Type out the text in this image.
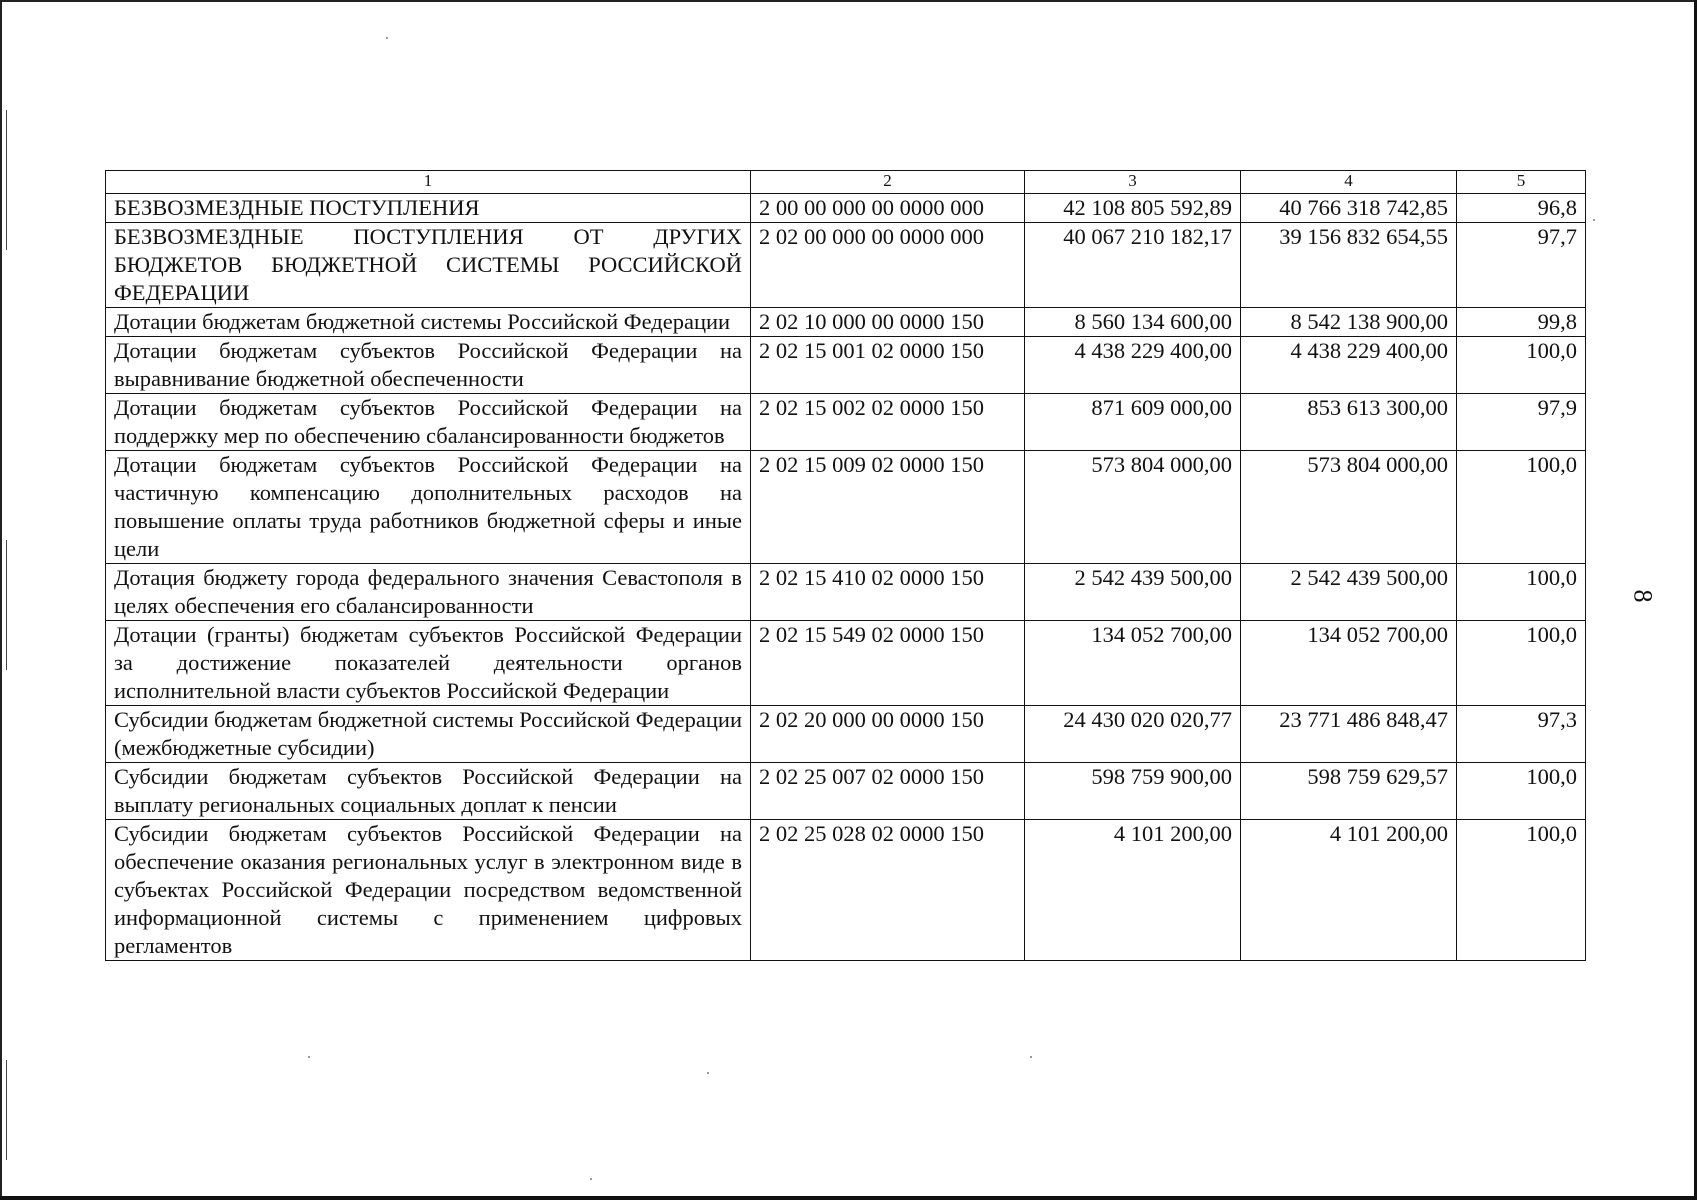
8
1	2	3	4	5
БЕЗВОЗМЕЗДНЫЕ ПОСТУПЛЕНИЯ	2 00 00 000 00 0000 000	42 108 805 592,89	40 766 318 742,85	96,8
БЕЗВОЗМЕЗДНЫЕ ПОСТУПЛЕНИЯ ОТ ДРУГИХ БЮДЖЕТОВ БЮДЖЕТНОЙ СИСТЕМЫ РОССИЙСКОЙ ФЕДЕРАЦИИ	2 02 00 000 00 0000 000	40 067 210 182,17	39 156 832 654,55	97,7
Дотации бюджетам бюджетной системы Российской Федерации	2 02 10 000 00 0000 150	8 560 134 600,00	8 542 138 900,00	99,8
Дотации бюджетам субъектов Российской Федерации на выравнивание бюджетной обеспеченности	2 02 15 001 02 0000 150	4 438 229 400,00	4 438 229 400,00	100,0
Дотации бюджетам субъектов Российской Федерации на поддержку мер по обеспечению сбалансированности бюджетов	2 02 15 002 02 0000 150	871 609 000,00	853 613 300,00	97,9
Дотации бюджетам субъектов Российской Федерации на частичную компенсацию дополнительных расходов на повышение оплаты труда работников бюджетной сферы и иные цели	2 02 15 009 02 0000 150	573 804 000,00	573 804 000,00	100,0
Дотация бюджету города федерального значения Севастополя в целях обеспечения его сбалансированности	2 02 15 410 02 0000 150	2 542 439 500,00	2 542 439 500,00	100,0
Дотации (гранты) бюджетам субъектов Российской Федерации за достижение показателей деятельности органов исполнительной власти субъектов Российской Федерации	2 02 15 549 02 0000 150	134 052 700,00	134 052 700,00	100,0
Субсидии бюджетам бюджетной системы Российской Федерации (межбюджетные субсидии)	2 02 20 000 00 0000 150	24 430 020 020,77	23 771 486 848,47	97,3
Субсидии бюджетам субъектов Российской Федерации на выплату региональных социальных доплат к пенсии	2 02 25 007 02 0000 150	598 759 900,00	598 759 629,57	100,0
Субсидии бюджетам субъектов Российской Федерации на обеспечение оказания региональных услуг в электронном виде в субъектах Российской Федерации посредством ведомственной информационной системы с применением цифровых регламентов	2 02 25 028 02 0000 150	4 101 200,00	4 101 200,00	100,0
